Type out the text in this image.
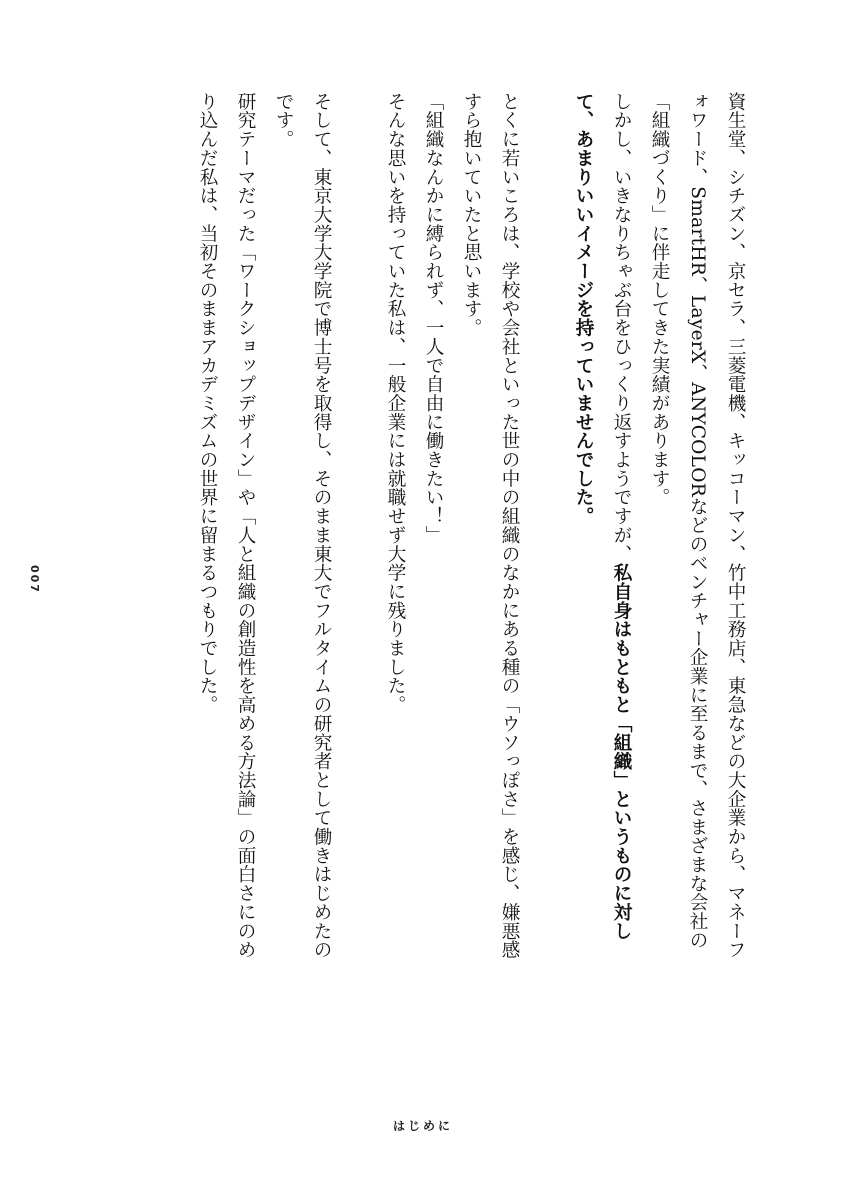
資生堂、シチズン、京セラ、三菱電機、キッコーマン、竹中工務店、東急などの大企業から、マネーフォワード、SmartHR、LayerX、ANYCOLORなどのベンチャー企業に至るまで、さまざまな会社の「組織づくり」に伴走してきた実績があります。

しかし、いきなりちゃぶ台をひっくり返すようですが、私自身はもともと「組織」というものに対して、あまりいいイメージを持っていませんでした。

とくに若いころは、学校や会社といった世の中の組織のなかにある種の「ウソっぽさ」を感じ、嫌悪感すら抱いていたと思います。

「組織なんかに縛られず、一人で自由に働きたい！」

そんな思いを持っていた私は、一般企業には就職せず大学に残りました。

そして、東京大学大学院で博士号を取得し、そのまま東大でフルタイムの研究者として働きはじめたのです。

研究テーマだった「ワークショップデザイン」や「人と組織の創造性を高める方法論」の面白さにのめり込んだ私は、当初そのままアカデミズムの世界に留まるつもりでした。

007
はじめに
